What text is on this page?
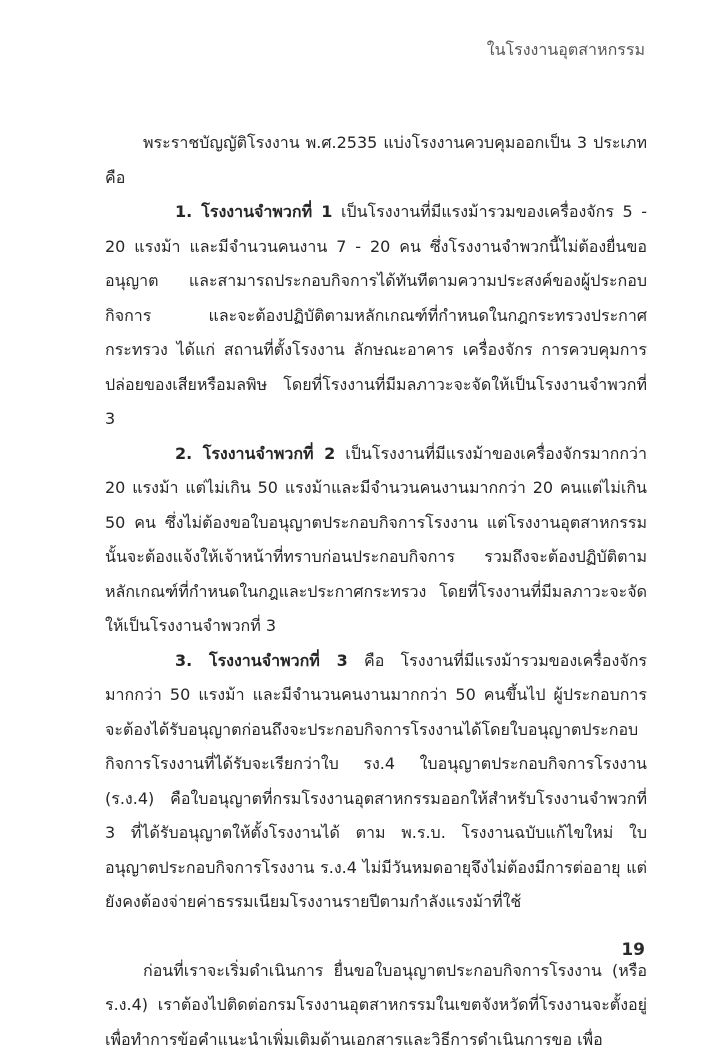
ในโรงงานอุตสาหกรรม

พระราชบัญญัติโรงงาน พ.ศ.2535 แบ่งโรงงานควบคุมออกเป็น 3 ประเภท คือ

1. โรงงานจำพวกที่ 1 เป็นโรงงานที่มีแรงม้ารวมของเครื่องจักร 5 - 20 แรงม้า และมีจำนวนคนงาน 7 - 20 คน ซึ่งโรงงานจำพวกนี้ไม่ต้องยื่นขออนุญาต และสามารถประกอบกิจการได้ทันทีตามความประสงค์ของผู้ประกอบกิจการ และจะต้องปฏิบัติตามหลักเกณฑ์ที่กำหนดในกฎกระทรวงประกาศกระทรวง ได้แก่ สถานที่ตั้งโรงงาน ลักษณะอาคาร เครื่องจักร การควบคุมการปล่อยของเสียหรือมลพิษ โดยที่โรงงานที่มีมลภาวะจะจัดให้เป็นโรงงานจำพวกที่ 3

2. โรงงานจำพวกที่ 2 เป็นโรงงานที่มีแรงม้าของเครื่องจักรมากกว่า 20 แรงม้า แต่ไม่เกิน 50 แรงม้าและมีจำนวนคนงานมากกว่า 20 คนแต่ไม่เกิน 50 คน ซึ่งไม่ต้องขอใบอนุญาตประกอบกิจการโรงงาน แต่โรงงานอุตสาหกรรมนั้นจะต้องแจ้งให้เจ้าหน้าที่ทราบก่อนประกอบกิจการ รวมถึงจะต้องปฏิบัติตามหลักเกณฑ์ที่กำหนดในกฎและประกาศกระทรวง โดยที่โรงงานที่มีมลภาวะจะจัดให้เป็นโรงงานจำพวกที่ 3

3. โรงงานจำพวกที่ 3 คือ โรงงานที่มีแรงม้ารวมของเครื่องจักรมากกว่า 50 แรงม้า และมีจำนวนคนงานมากกว่า 50 คนขึ้นไป ผู้ประกอบการจะต้องได้รับอนุญาตก่อนถึงจะประกอบกิจการโรงงานได้โดยใบอนุญาตประกอบกิจการโรงงานที่ได้รับจะเรียกว่าใบ รง.4 ใบอนุญาตประกอบกิจการโรงงาน (ร.ง.4) คือใบอนุญาตที่กรมโรงงานอุตสาหกรรมออกให้สำหรับโรงงานจำพวกที่ 3 ที่ได้รับอนุญาตให้ตั้งโรงงานได้ ตาม พ.ร.บ. โรงงานฉบับแก้ไขใหม่ ใบอนุญาตประกอบกิจการโรงงาน ร.ง.4 ไม่มีวันหมดอายุจึงไม่ต้องมีการต่ออายุ แต่ยังคงต้องจ่ายค่าธรรมเนียมโรงงานรายปีตามกำลังแรงม้าที่ใช้

ก่อนที่เราจะเริ่มดำเนินการ ยื่นขอใบอนุญาตประกอบกิจการโรงงาน (หรือ ร.ง.4) เราต้องไปติดต่อกรมโรงงานอุตสาหกรรมในเขตจังหวัดที่โรงงานจะตั้งอยู่ เพื่อทำการข้อคำแนะนำเพิ่มเติมด้านเอกสารและวิธีการดำเนินการขอ เพื่อ

19
